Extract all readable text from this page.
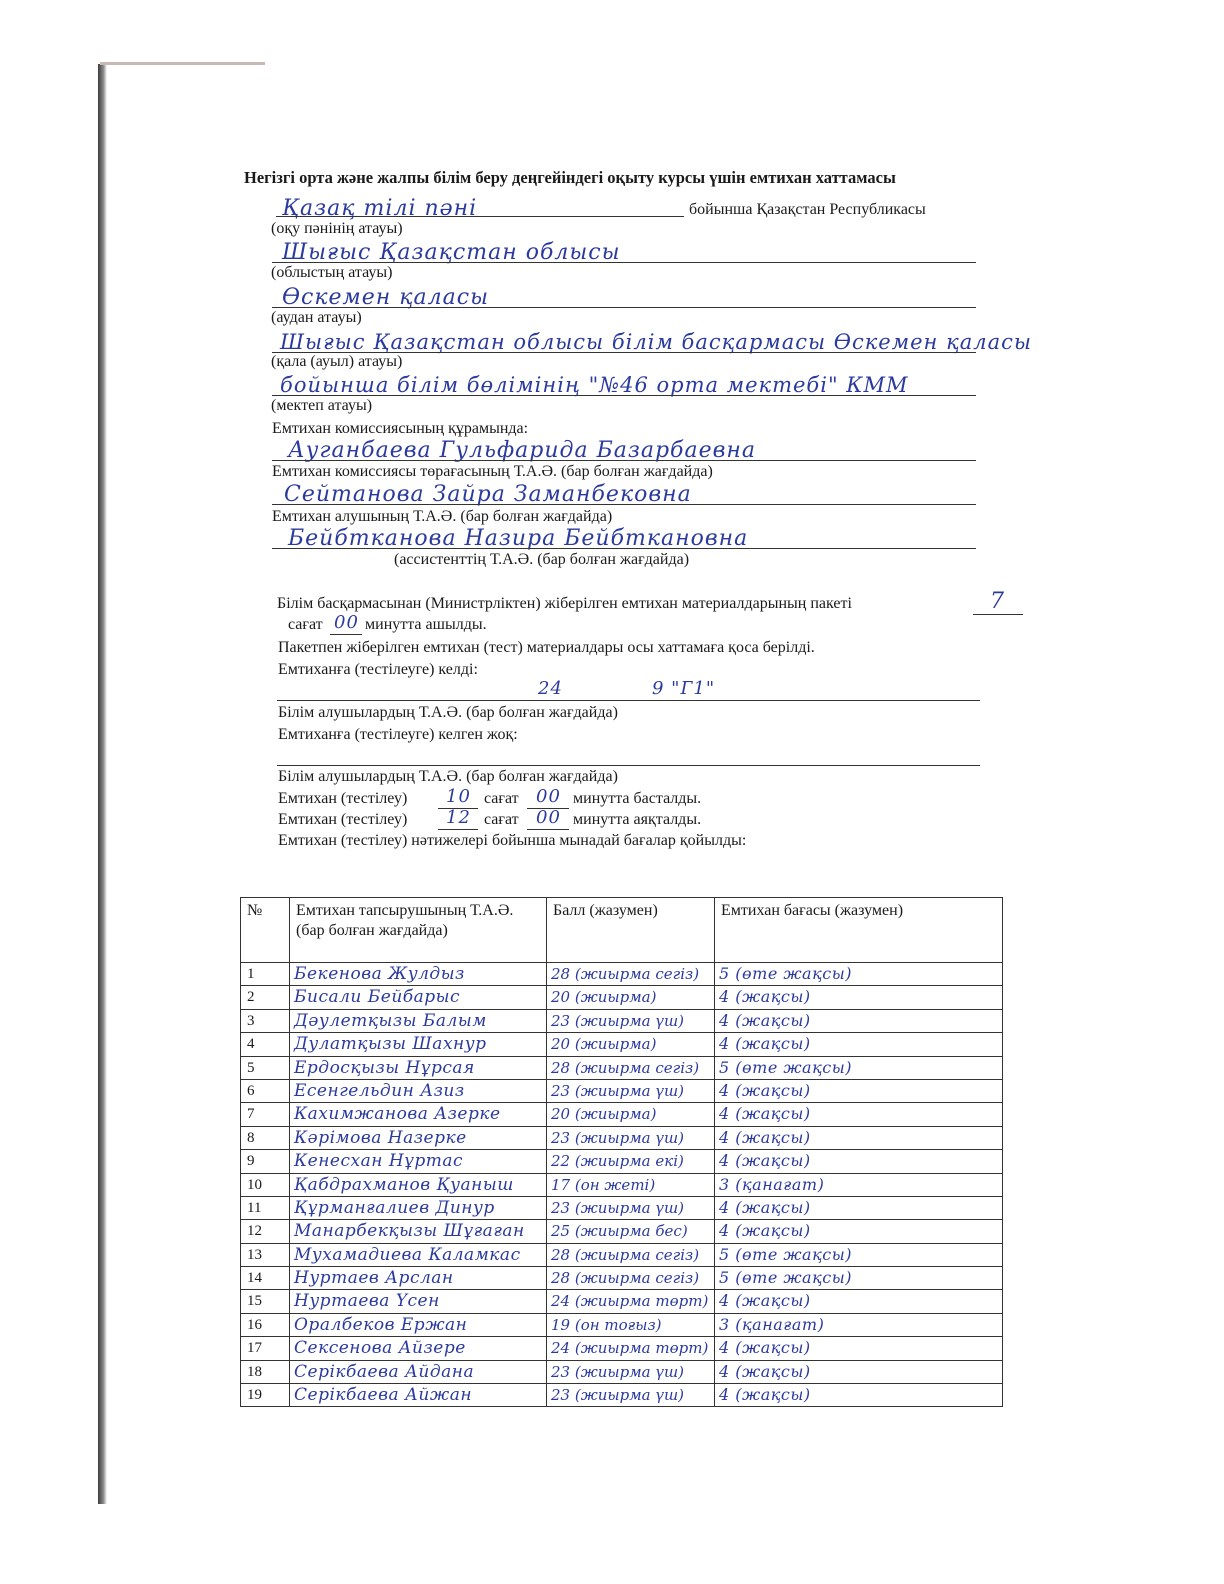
Негізгі орта және жалпы білім беру деңгейіндегі оқыту курсы үшін емтихан хаттамасы
Қазақ тілі пәні	бойынша Қазақстан Республикасы
(оқу пәнінің атауы)
Шығыс Қазақстан облысы
(облыстың атауы)
Өскемен қаласы
(аудан атауы)
Шығыс Қазақстан облысы білім басқармасы Өскемен қаласы
(қала (ауыл) атауы)
бойынша білім бөлімінің "№46 орта мектебі" КММ
(мектеп атауы)
Емтихан комиссиясының құрамында:
Ауганбаева Гульфарида Базарбаевна
Емтихан комиссиясы төрағасының Т.А.Ә. (бар болған жағдайда)
Сейтанова Зайра Заманбековна
Емтихан алушының Т.А.Ә. (бар болған жағдайда)
Бейбтканова Назира Бейбткановна
(ассистенттің Т.А.Ә. (бар болған жағдайда)
Білім басқармасынан (Министрліктен) жіберілген емтихан материалдарының пакеті	7
сағат 00 минутта ашылды.
Пакетпен жіберілген емтихан (тест) материалдары осы хаттамаға қоса берілді.
Емтиханға (тестілеуге) келді:
24	9 "Г1"
Білім алушылардың Т.А.Ә. (бар болған жағдайда)
Емтиханға (тестілеуге) келген жоқ:
Білім алушылардың Т.А.Ә. (бар болған жағдайда)
Емтихан (тестілеу) 10 сағат 00 минутта басталды.
Емтихан (тестілеу) 12 сағат 00 минутта аяқталды.
Емтихан (тестілеу) нәтижелері бойынша мынадай бағалар қойылды:
№	Емтихан тапсырушының Т.А.Ә. (бар болған жағдайда)	Балл (жазумен)	Емтихан бағасы (жазумен)
1	Бекенова Жулдыз	28 (жиырма сегіз)	5 (өте жақсы)
2	Бисали Бейбарыс	20 (жиырма)	4 (жақсы)
3	Дәулетқызы Балым	23 (жиырма үш)	4 (жақсы)
4	Дулатқызы Шахнур	20 (жиырма)	4 (жақсы)
5	Ердосқызы Нұрсая	28 (жиырма сегіз)	5 (өте жақсы)
6	Есенгельдин Азиз	23 (жиырма үш)	4 (жақсы)
7	Кахимжанова Азерке	20 (жиырма)	4 (жақсы)
8	Кәрімова Назерке	23 (жиырма үш)	4 (жақсы)
9	Кенесхан Нұртас	22 (жиырма екі)	4 (жақсы)
10	Қабдрахманов Қуаныш	17 (он жеті)	3 (қанағат)
11	Құрманғалиев Динур	23 (жиырма үш)	4 (жақсы)
12	Манарбекқызы Шұғаған	25 (жиырма бес)	4 (жақсы)
13	Мухамадиева Каламкас	28 (жиырма сегіз)	5 (өте жақсы)
14	Нуртаев Арслан	28 (жиырма сегіз)	5 (өте жақсы)
15	Нуртаева Үсен	24 (жиырма төрт)	4 (жақсы)
16	Оралбеков Ержан	19 (он тоғыз)	3 (қанағат)
17	Сексенова Айзере	24 (жиырма төрт)	4 (жақсы)
18	Серікбаева Айдана	23 (жиырма үш)	4 (жақсы)
19	Серікбаева Айжан	23 (жиырма үш)	4 (жақсы)
